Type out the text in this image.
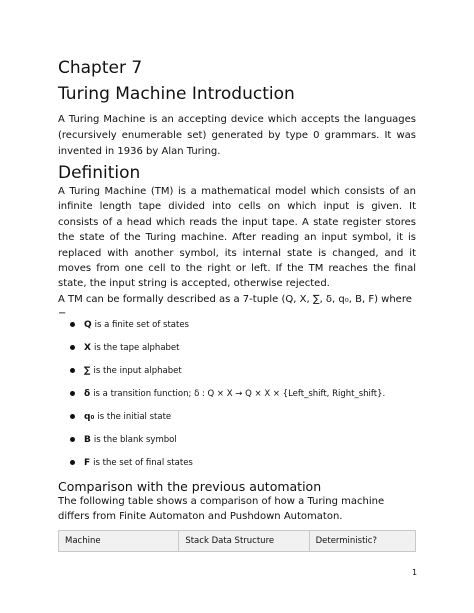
Chapter 7
Turing Machine Introduction

A Turing Machine is an accepting device which accepts the languages (recursively enumerable set) generated by type 0 grammars. It was invented in 1936 by Alan Turing.

Definition

A Turing Machine (TM) is a mathematical model which consists of an infinite length tape divided into cells on which input is given. It consists of a head which reads the input tape. A state register stores the state of the Turing machine. After reading an input symbol, it is replaced with another symbol, its internal state is changed, and it moves from one cell to the right or left. If the TM reaches the final state, the input string is accepted, otherwise rejected.

A TM can be formally described as a 7-tuple (Q, X, ∑, δ, q₀, B, F) where −

Q is a finite set of states
X is the tape alphabet
∑ is the input alphabet
δ is a transition function; δ : Q × X → Q × X × {Left_shift, Right_shift}.
q₀ is the initial state
B is the blank symbol
F is the set of final states
Comparison with the previous automation

The following table shows a comparison of how a Turing machine differs from Finite Automaton and Pushdown Automaton.

Machine	Stack Data Structure	Deterministic?
1
